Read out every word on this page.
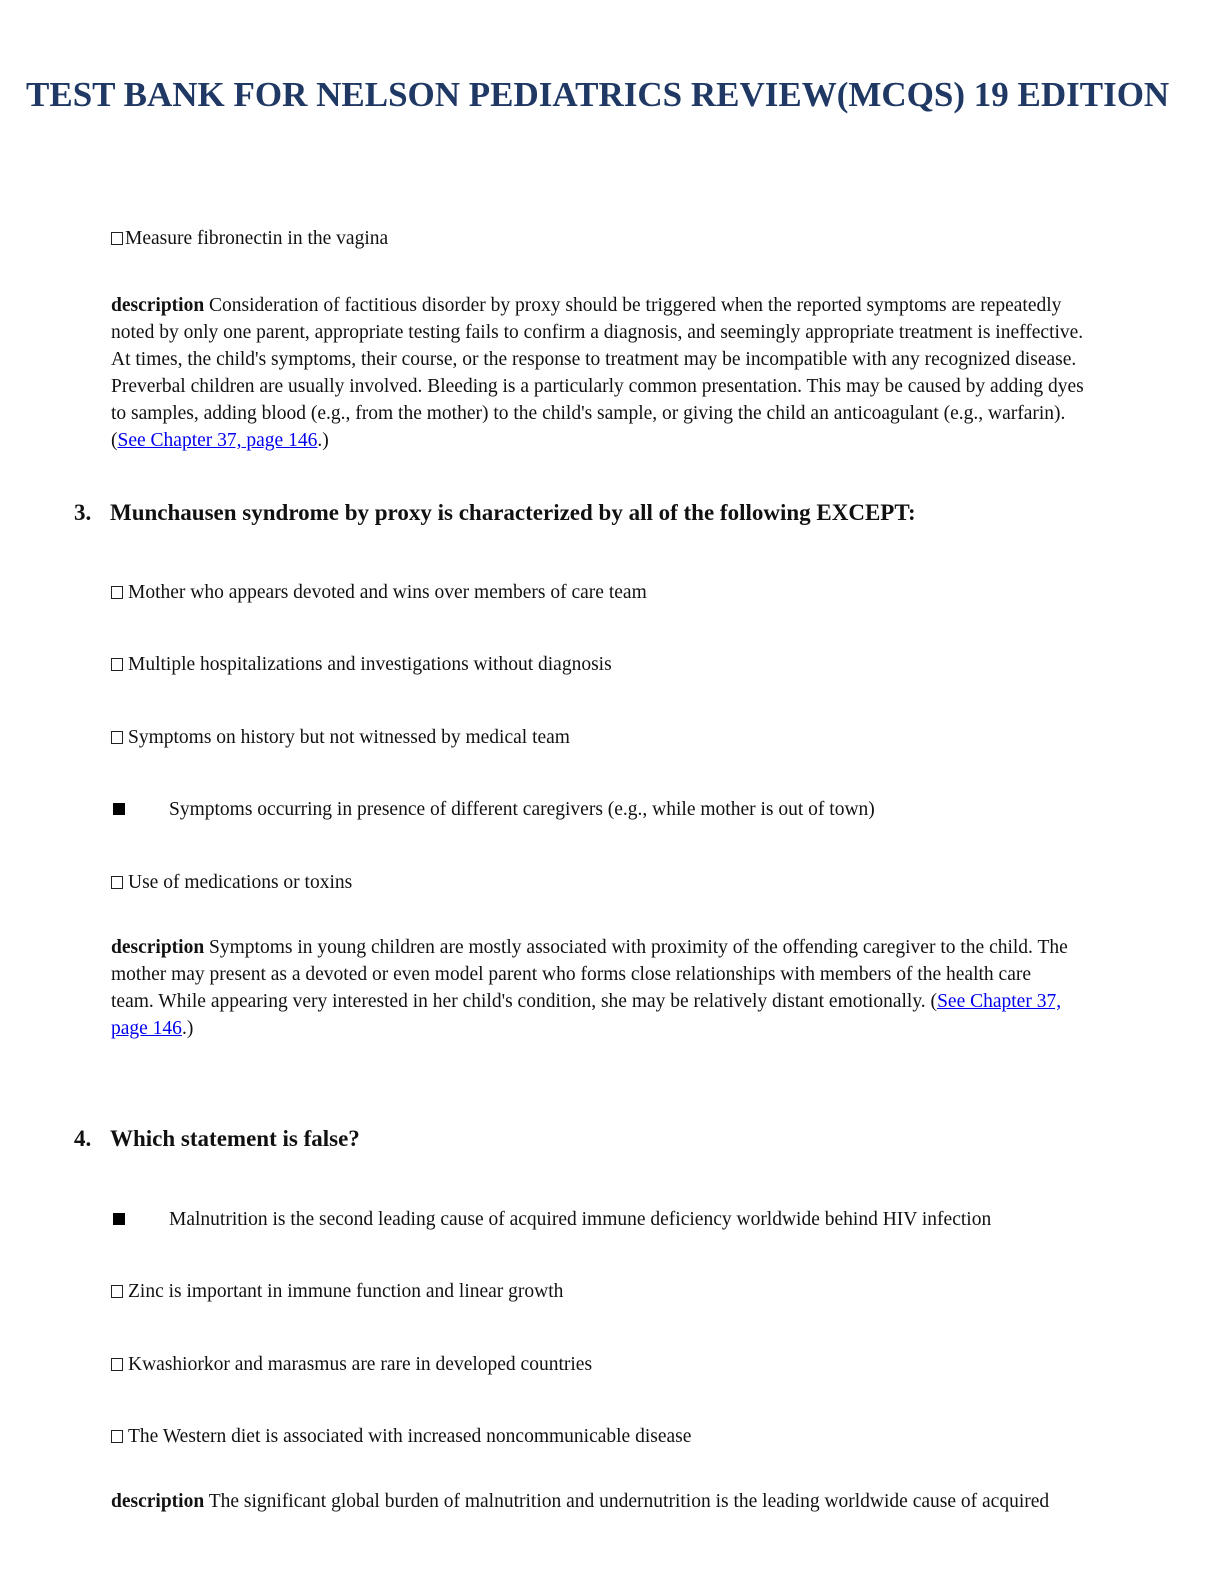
TEST BANK FOR NELSON PEDIATRICS REVIEW(MCQS) 19 EDITION
Measure fibronectin in the vagina
description Consideration of factitious disorder by proxy should be triggered when the reported symptoms are repeatedly
noted by only one parent, appropriate testing fails to confirm a diagnosis, and seemingly appropriate treatment is ineffective.
At times, the child's symptoms, their course, or the response to treatment may be incompatible with any recognized disease.
Preverbal children are usually involved. Bleeding is a particularly common presentation. This may be caused by adding dyes
to samples, adding blood (e.g., from the mother) to the child's sample, or giving the child an anticoagulant (e.g., warfarin).
(See Chapter 37, page 146.)
3. Munchausen syndrome by proxy is characterized by all of the following EXCEPT:
Mother who appears devoted and wins over members of care team
Multiple hospitalizations and investigations without diagnosis
Symptoms on history but not witnessed by medical team
Symptoms occurring in presence of different caregivers (e.g., while mother is out of town)
Use of medications or toxins
description Symptoms in young children are mostly associated with proximity of the offending caregiver to the child. The
mother may present as a devoted or even model parent who forms close relationships with members of the health care
team. While appearing very interested in her child's condition, she may be relatively distant emotionally. (See Chapter 37,
page 146.)
4. Which statement is false?
Malnutrition is the second leading cause of acquired immune deficiency worldwide behind HIV infection
Zinc is important in immune function and linear growth
Kwashiorkor and marasmus are rare in developed countries
The Western diet is associated with increased noncommunicable disease
description The significant global burden of malnutrition and undernutrition is the leading worldwide cause of acquired
